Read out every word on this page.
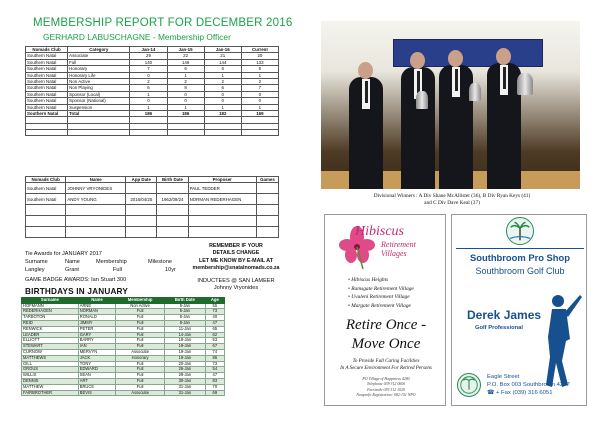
MEMBERSHIP REPORT FOR DECEMBER 2016
GERHARD LABUSCHAGNE - Membership Officer
Nomads Club	Category	Jan-14	Jan-15	Jan-16	Current
Southern Natal	Associate	29	22	21	20
Southern Natal	Full	140	146	144	133
Southern Natal	Honorary	7	6	6	5
Southern Natal	Honorary Life	0	1	1	1
Southern Natal	Non Active	2	2	2	2
Southern Natal	Non Playing	6	8	6	7
Southern Natal	Sponsor (Local)	1	0	0	0
Southern Natal	Sponsor (National)	0	0	0	0
Southern Natal	Suspension	1	1	1	1
Southern Natal	Total	186	186	182	169

Nomads Club	Name	App Date	Birth Date	Proposer	Games
Southern Natal	JOHNNY VRYONIDES			PAUL TEDDER	
Southern Natal	ANDY YOUNG	2016/04/25	1962/09/24	NORMAN REDERHAGEN	

Tie Awards for JANUARY 2017
Surname	Name	Membership	Milestone
Langley	Grant	Full	10yr
GAME BADGE AWARDS: Ian Stuart 300
REMEMBER IF YOUR
DETAILS CHANGE
LET ME KNOW BY E-MAIL AT
membership@snatalnomads.co.za
INDUCTEES @ SAN LAMEER
Johnny Vryonides
BIRTHDAYS IN JANUARY
Surname	Name	Membership	Birth Date	Age
HOFMANN	ARNE	Non Active	5-Jan	55
REDERHAGEN	NORMAN	Full	5-Jan	73
TARBOTON	RONALD	Full	8-Jan	40
REID	JIMMY	Full	8-Jan	47
RENWICK	PETER	Full	11-Jan	65
LEADER	GARY	Full	14-Jan	62
ELLIOTT	BARRY	Full	18-Jan	53
STEWART	IAN	Full	19-Jan	67
CURNOW	MERVYN	Associate	19-Jan	74
MATTHEWS	JACK	Honorary	19-Jan	86
GILL	TONY	Full	20-Jan	73
GROUS	EDWARD	Full	26-Jan	54
WILLIS	SEAN	Full	29-Jan	47
DENNIS	ART	Full	30-Jan	83
MATTHEW	BRUCE	Full	31-Jan	70
FAIRBROTHER	BEVIS	Associate	31-Jan	69
Divisional Winners : A Div Shane McAllister (36), B Div Ryan Keys (41)
and C Div Dave Keal (37)
Hibiscus
Retirement
Villages
• Hibiscus Heights
• Ramsgate Retirement Village
• Uvuleni Retirement Village
• Margate Retirement Village
Retire Once -
Move Once
To Provide Full Caring Facilities
In A Secure Environment For Retired Persons
PO Village of Happiness 4280
Telephone 039 312 0600
Facsimile 039 312 1029
Nonprofit Registration: 082-151 NPO
Southbroom Pro Shop
Southbroom Golf Club
Derek James
Golf Professional
Eagle Street
P.O. Box 003 Southbroom 4277
☎ + Fax (039) 316 6051
